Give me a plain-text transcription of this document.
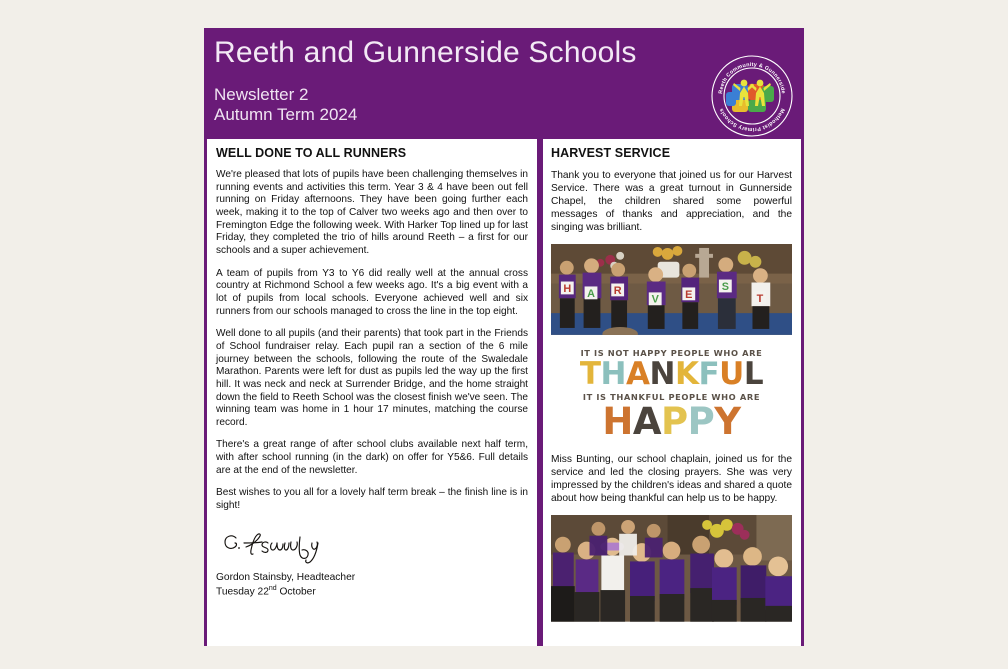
Reeth and Gunnerside Schools
Newsletter 2
Autumn Term 2024
Reeth Community & Gunnerside
Methodist Primary Schools
WELL DONE TO ALL RUNNERS

We're pleased that lots of pupils have been challenging themselves in running events and activities this term. Year 3 & 4 have been out fell running on Friday afternoons. They have been going further each week, making it to the top of Calver two weeks ago and then over to Fremington Edge the following week. With Harker Top lined up for last Friday, they completed the trio of hills around Reeth – a first for our schools and a super achievement.

A team of pupils from Y3 to Y6 did really well at the annual cross country at Richmond School a few weeks ago. It's a big event with a lot of pupils from local schools. Everyone achieved well and six runners from our schools managed to cross the line in the top eight.

Well done to all pupils (and their parents) that took part in the Friends of School fundraiser relay. Each pupil ran a section of the 6 mile journey between the schools, following the route of the Swaledale Marathon. Parents were left for dust as pupils led the way up the first hill. It was neck and neck at Surrender Bridge, and the home straight down the field to Reeth School was the closest finish we've seen. The winning team was home in 1 hour 17 minutes, matching the course record.

There's a great range of after school clubs available next half term, with after school running (in the dark) on offer for Y5&6. Full details are at the end of the newsletter.

Best wishes to you all for a lovely half term break – the finish line is in sight!

Gordon Stainsby, Headteacher
Tuesday 22nd October
HARVEST SERVICE

Thank you to everyone that joined us for our Harvest Service. There was a great turnout in Gunnerside Chapel, the children shared some powerful messages of thanks and appreciation, and the singing was brilliant.

H A R
V E
S
T
IT IS NOT HAPPY PEOPLE WHO ARE
THANKFUL
IT IS THANKFUL PEOPLE WHO ARE
HAPPY

Miss Bunting, our school chaplain, joined us for the service and led the closing prayers. She was very impressed by the children's ideas and shared a quote about how being thankful can help us to be happy.
